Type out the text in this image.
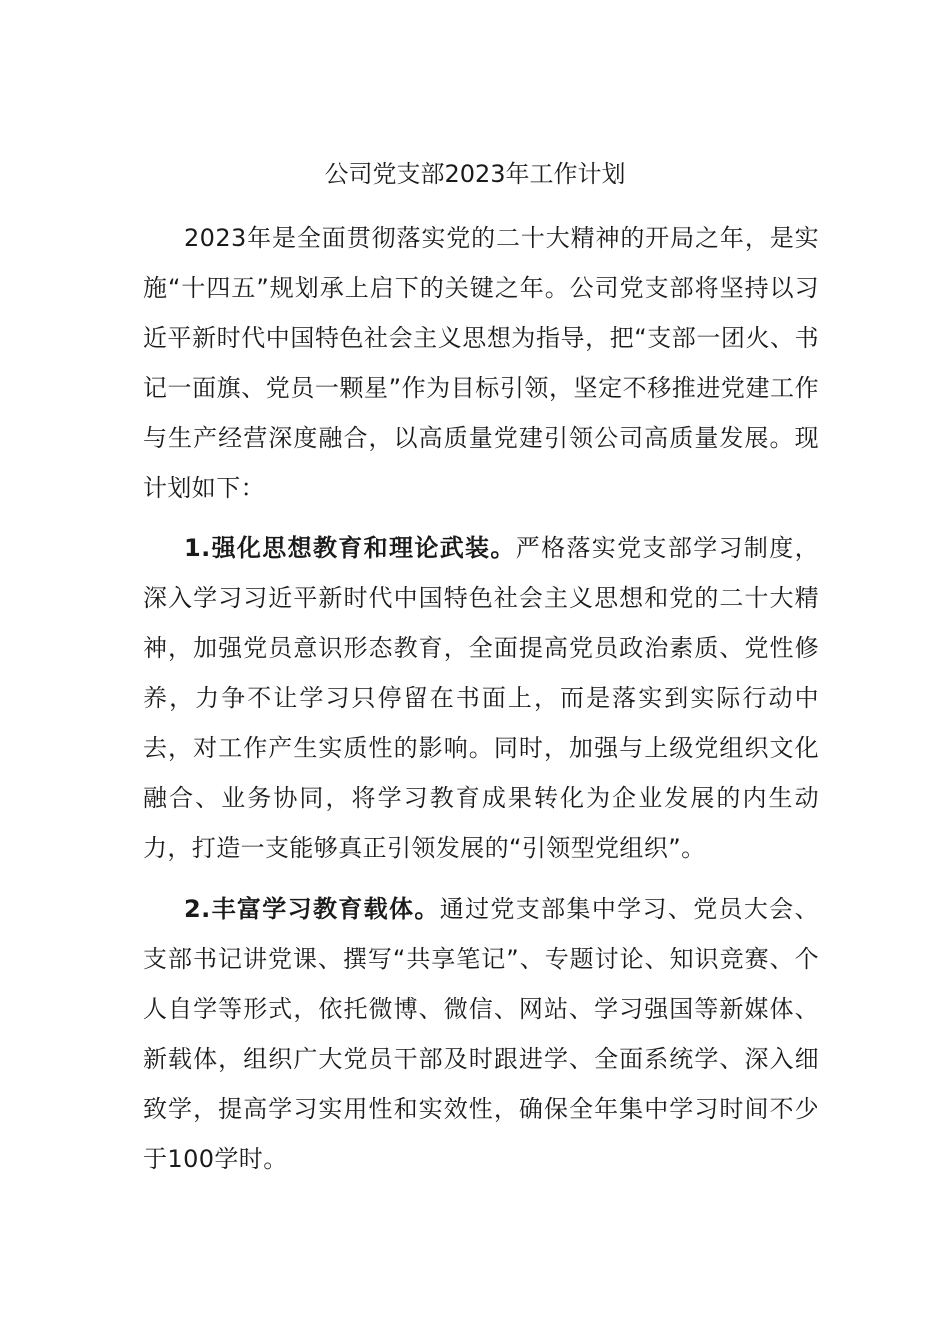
公司党支部2023年工作计划

2023年是全面贯彻落实党的二十大精神的开局之年，是实施“十四五”规划承上启下的关键之年。公司党支部将坚持以习近平新时代中国特色社会主义思想为指导，把“支部一团火、书记一面旗、党员一颗星”作为目标引领，坚定不移推进党建工作与生产经营深度融合，以高质量党建引领公司高质量发展。现计划如下：

1.强化思想教育和理论武装。严格落实党支部学习制度，深入学习习近平新时代中国特色社会主义思想和党的二十大精神，加强党员意识形态教育，全面提高党员政治素质、党性修养，力争不让学习只停留在书面上，而是落实到实际行动中去，对工作产生实质性的影响。同时，加强与上级党组织文化融合、业务协同，将学习教育成果转化为企业发展的内生动力，打造一支能够真正引领发展的“引领型党组织”。

2.丰富学习教育载体。通过党支部集中学习、党员大会、支部书记讲党课、撰写“共享笔记”、专题讨论、知识竞赛、个人自学等形式，依托微博、微信、网站、学习强国等新媒体、新载体，组织广大党员干部及时跟进学、全面系统学、深入细致学，提高学习实用性和实效性，确保全年集中学习时间不少于100学时。
